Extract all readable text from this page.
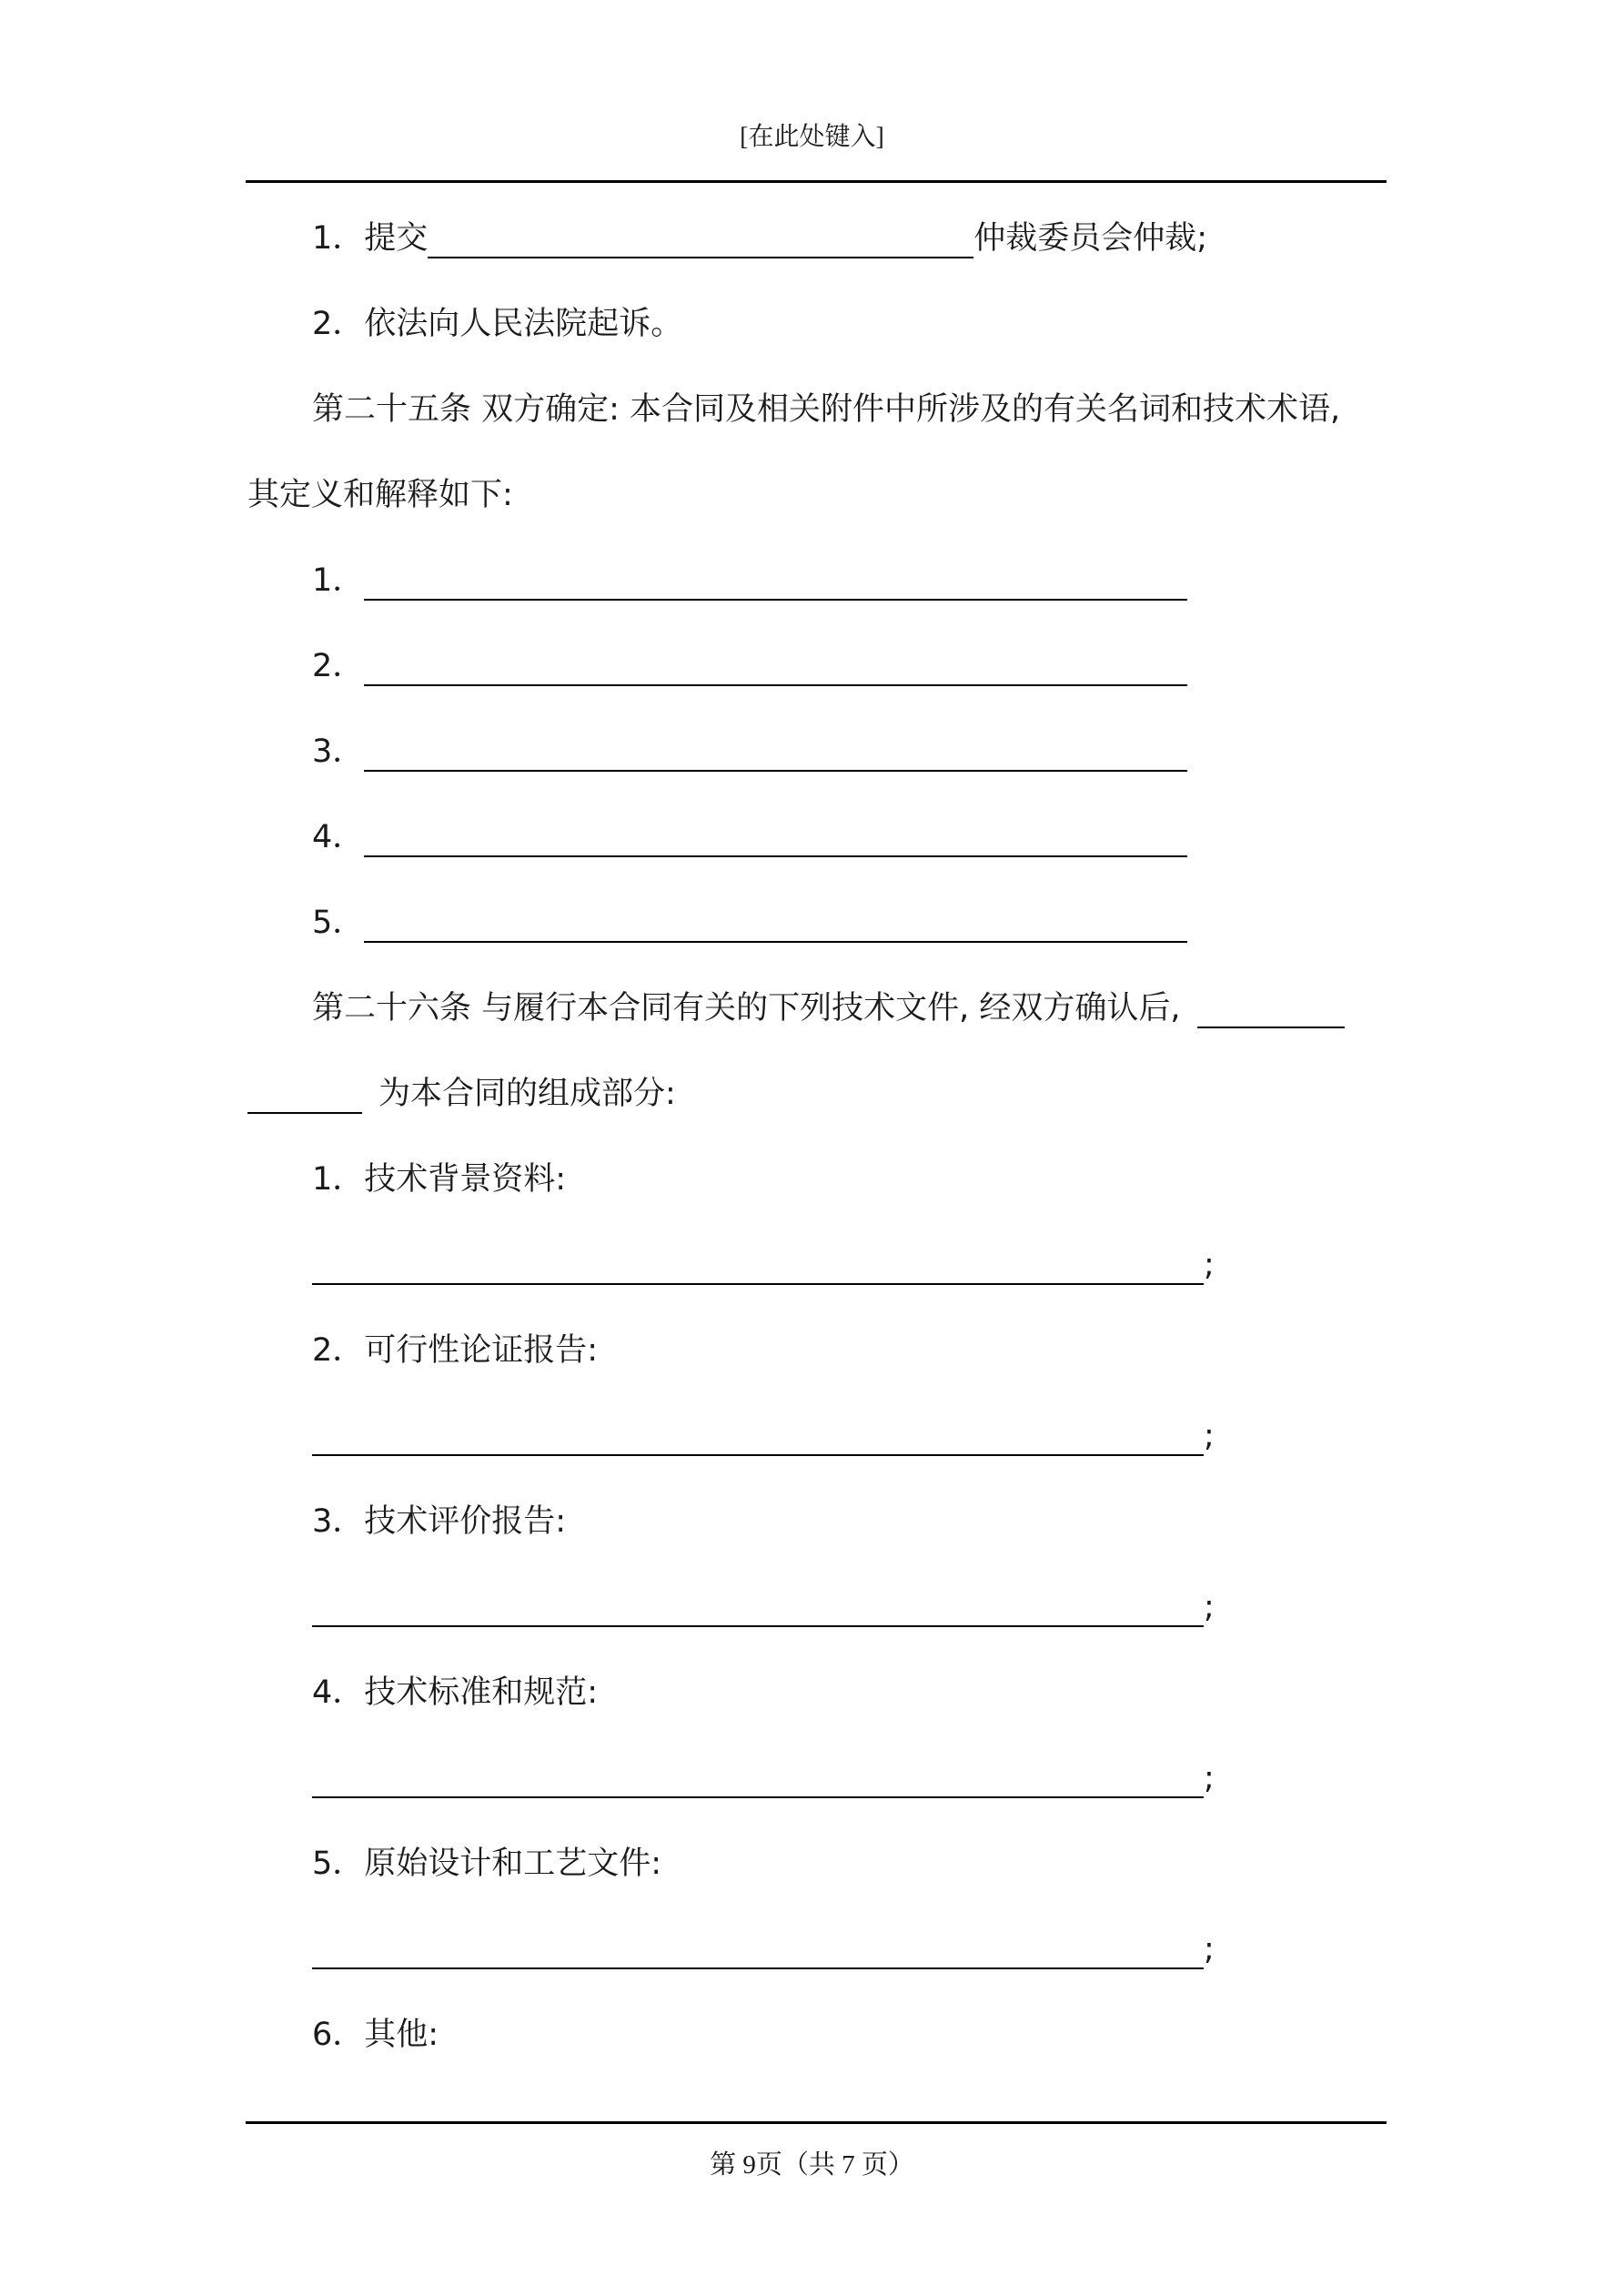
[在此处键入]
1．提交	仲裁委员会仲裁;
2．依法向人民法院起诉。
第二十五条 双方确定: 本合同及相关附件中所涉及的有关名词和技术术语,
其定义和解释如下:
1．
2．
3．
4．
5．
第二十六条 与履行本合同有关的下列技术文件, 经双方确认后,
为本合同的组成部分:
1．技术背景资料:
;
2．可行性论证报告:
;
3．技术评价报告:
;
4．技术标准和规范:
;
5．原始设计和工艺文件:
;
6．其他:
第 9页（共 7 页）
